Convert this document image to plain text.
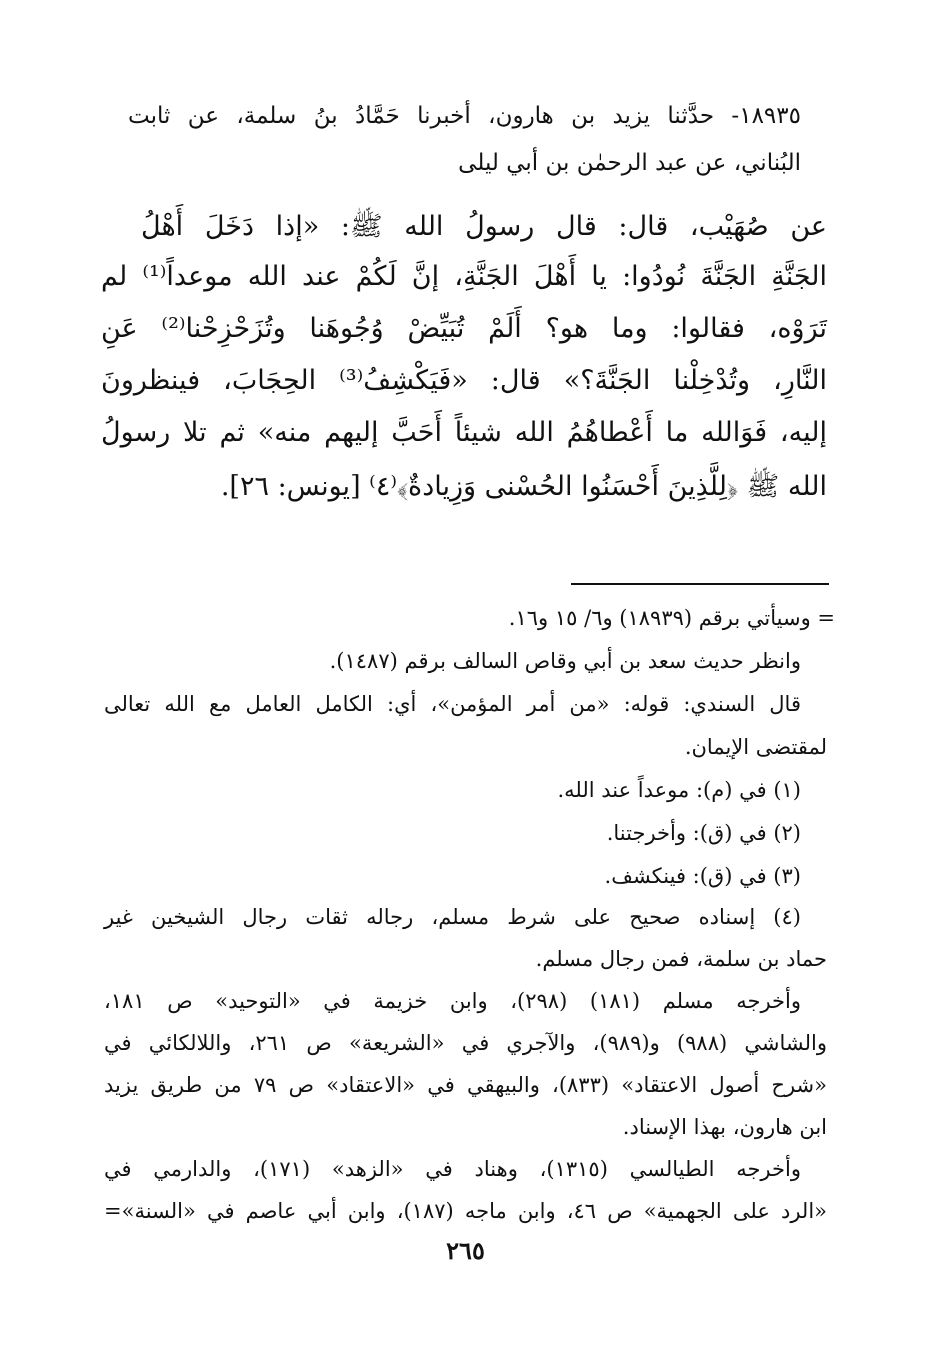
١٨٩٣٥- حدَّثنا يزيد بن هارون، أخبرنا حَمَّادُ بنُ سلمة، عن ثابت
البُناني، عن عبد الرحمٰن بن أبي ليلى
عن صُهَيْب، قال: قال رسولُ الله ﷺ: «إذا دَخَلَ أَهْلُ
الجَنَّةِ الجَنَّةَ نُودُوا: يا أَهْلَ الجَنَّةِ، إنَّ لَكُمْ عند الله موعداً⁽¹⁾ لم
تَرَوْه، فقالوا: وما هو؟ أَلَمْ تُبَيِّضْ وُجُوهَنا وتُزَحْزِحْنا⁽²⁾ عَنِ
النَّارِ، وتُدْخِلْنا الجَنَّةَ؟» قال: «فَيَكْشِفُ⁽³⁾ الحِجَابَ، فينظرونَ
إليه، فَوَالله ما أَعْطاهُمُ الله شيئاً أَحَبَّ إليهم منه» ثم تلا رسولُ
الله ﷺ ﴿لِلَّذِينَ أَحْسَنُوا الحُسْنى وَزِيادةٌ﴾⁽٤⁾ [يونس: ٢٦].
= وسيأتي برقم (١٨٩٣٩) و٦/ ١٥ و١٦.
وانظر حديث سعد بن أبي وقاص السالف برقم (١٤٨٧).
قال السندي: قوله: «من أمر المؤمن»، أي: الكامل العامل مع الله تعالى
لمقتضى الإيمان.
(١) في (م): موعداً عند الله.
(٢) في (ق): وأخرجتنا.
(٣) في (ق): فينكشف.
(٤) إسناده صحيح على شرط مسلم، رجاله ثقات رجال الشيخين غير
حماد بن سلمة، فمن رجال مسلم.
وأخرجه مسلم (١٨١) (٢٩٨)، وابن خزيمة في «التوحيد» ص ١٨١،
والشاشي (٩٨٨) و(٩٨٩)، والآجري في «الشريعة» ص ٢٦١، واللالكائي في
«شرح أصول الاعتقاد» (٨٣٣)، والبيهقي في «الاعتقاد» ص ٧٩ من طريق يزيد
ابن هارون، بهذا الإسناد.
وأخرجه الطيالسي (١٣١٥)، وهناد في «الزهد» (١٧١)، والدارمي في
«الرد على الجهمية» ص ٤٦، وابن ماجه (١٨٧)، وابن أبي عاصم في «السنة»=
٢٦٥
